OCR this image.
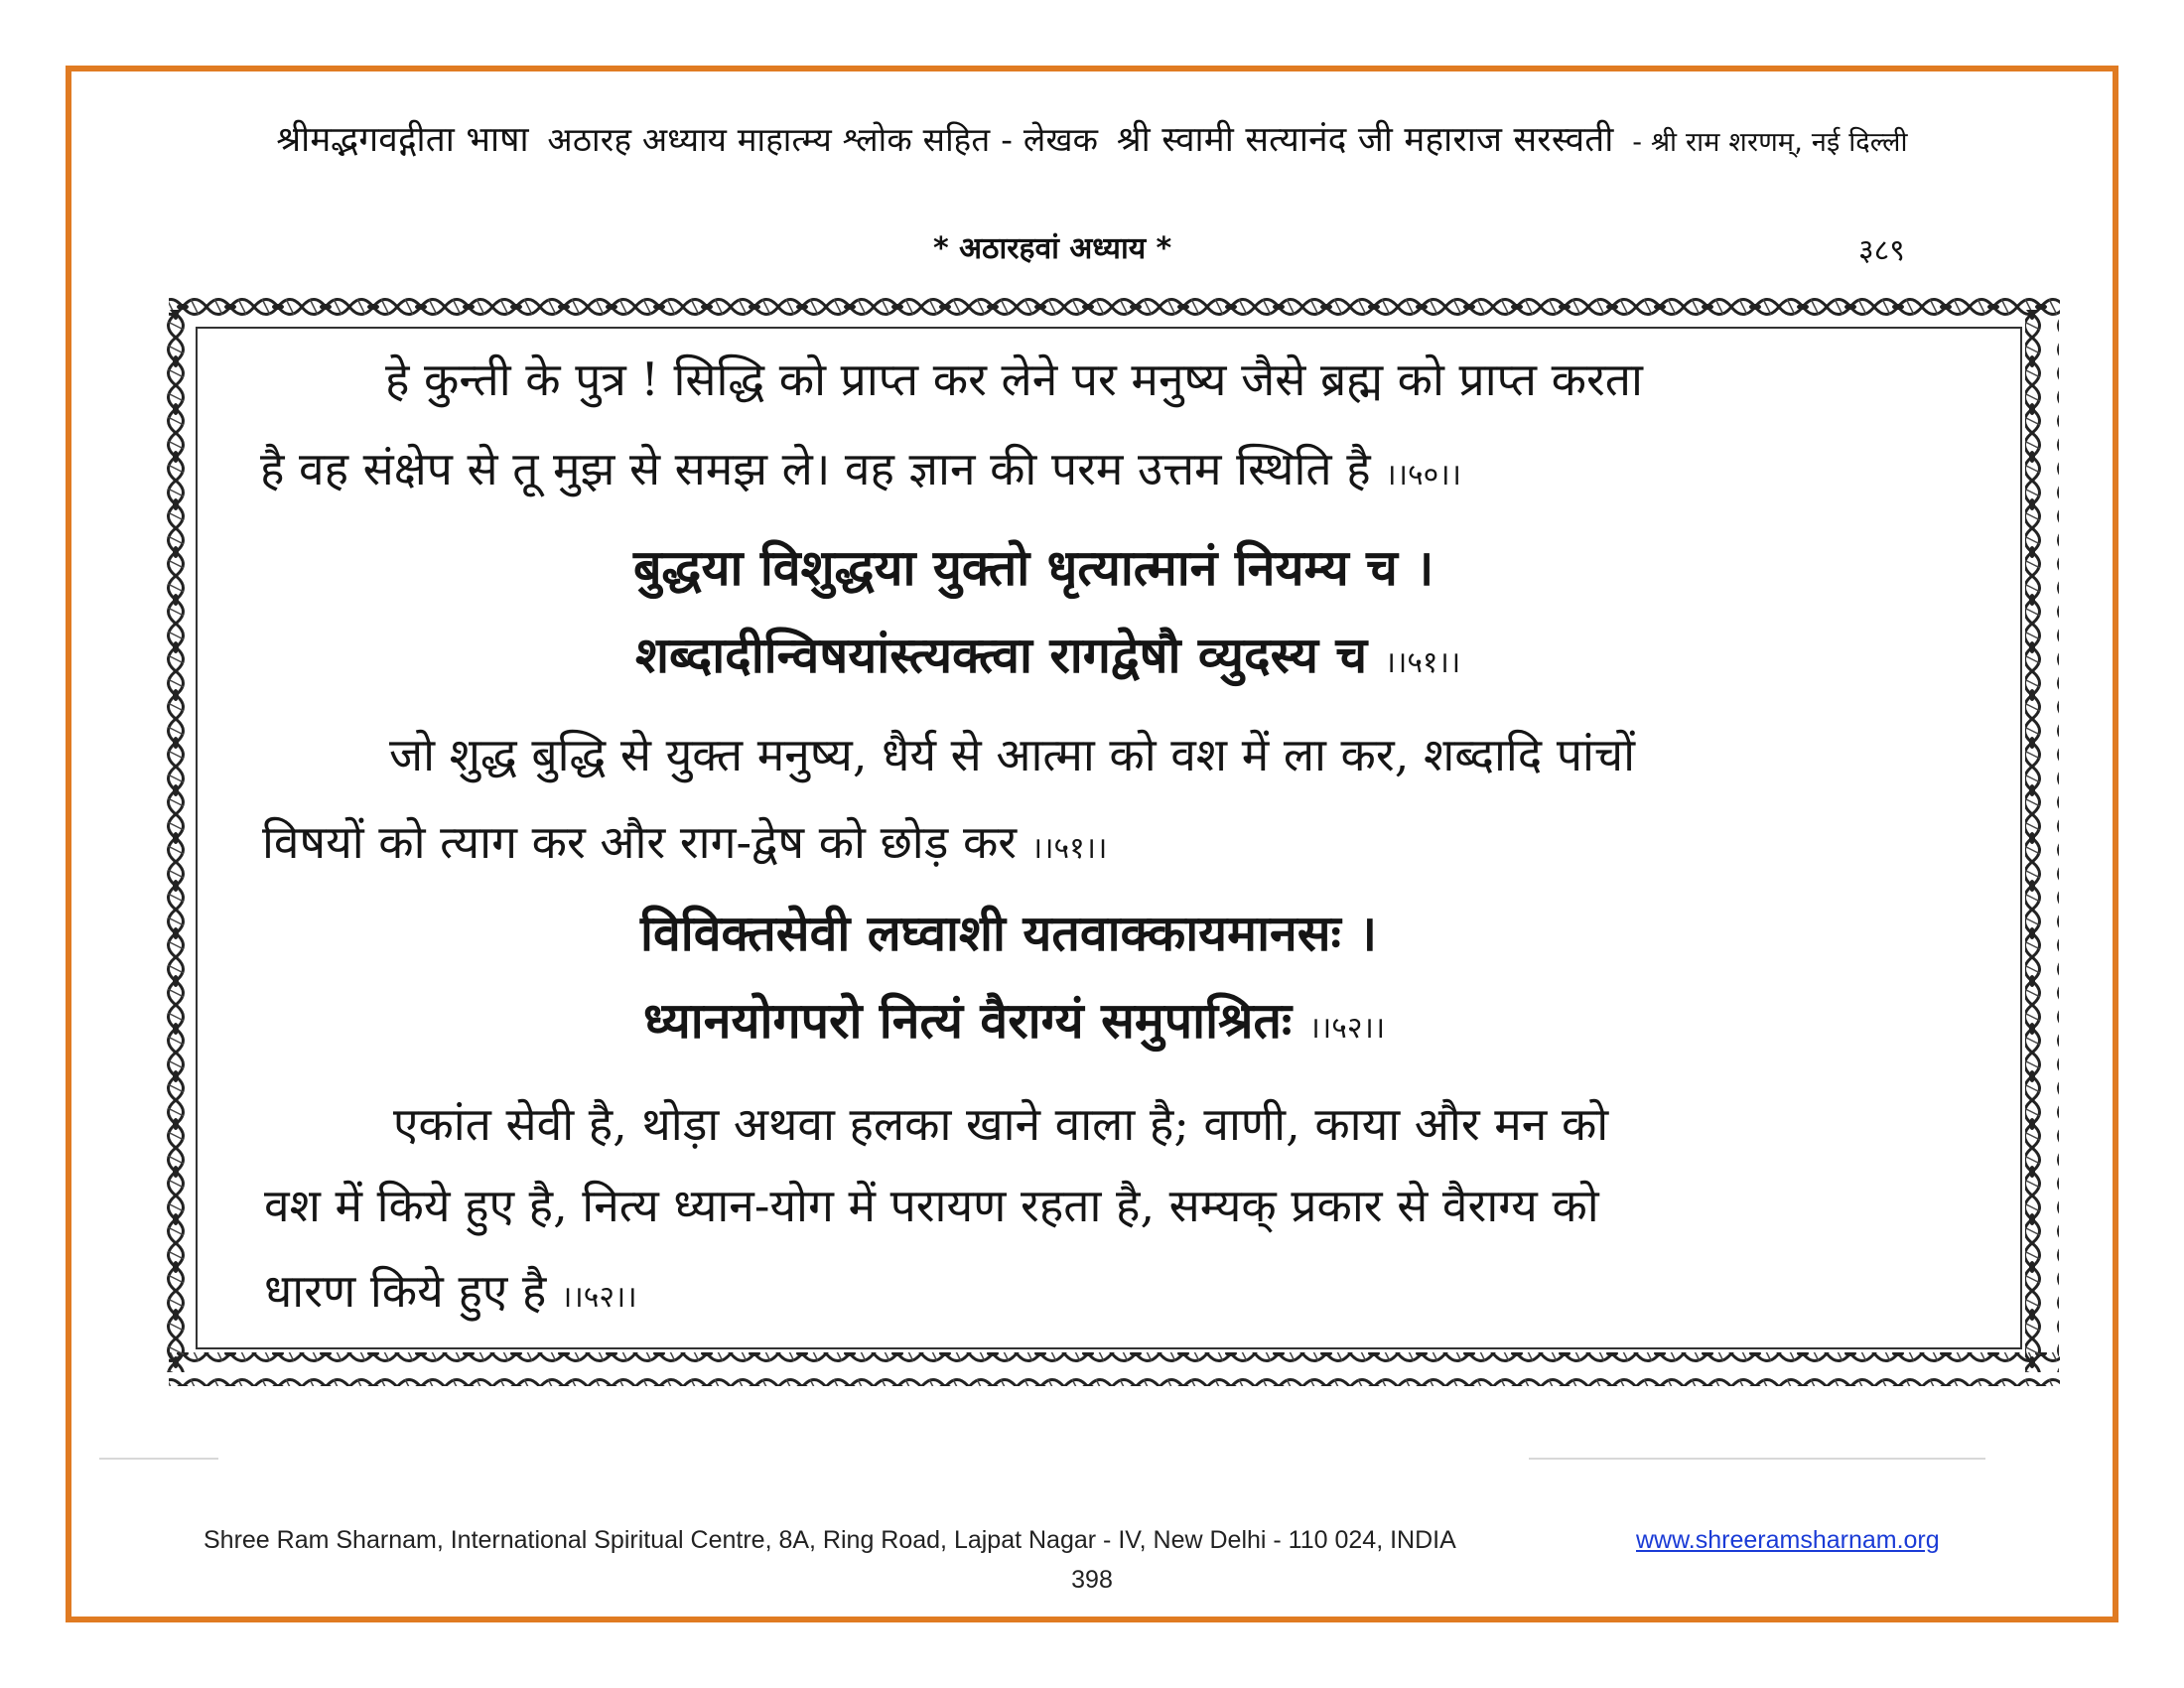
श्रीमद्भगवद्गीता भाषा अठारह अध्याय माहात्म्य श्लोक सहित - लेखक श्री स्वामी सत्यानंद जी महाराज सरस्वती - श्री राम शरणम्, नई दिल्ली
* अठारहवां अध्याय *	३८९
हे कुन्ती के पुत्र ! सिद्धि को प्राप्त कर लेने पर मनुष्य जैसे ब्रह्म को प्राप्त करता
है वह संक्षेप से तू मुझ से समझ ले। वह ज्ञान की परम उत्तम स्थिति है ।।५०।।
बुद्धया विशुद्धया युक्तो धृत्यात्मानं नियम्य च ।
शब्दादीन्विषयांस्त्यक्त्वा रागद्वेषौ व्युदस्य च ।।५१।।
जो शुद्ध बुद्धि से युक्त मनुष्य, धैर्य से आत्मा को वश में ला कर, शब्दादि पांचों
विषयों को त्याग कर और राग-द्वेष को छोड़ कर ।।५१।।
विविक्तसेवी लघ्वाशी यतवाक्कायमानसः ।
ध्यानयोगपरो नित्यं वैराग्यं समुपाश्रितः ।।५२।।
एकांत सेवी है, थोड़ा अथवा हलका खाने वाला है; वाणी, काया और मन को
वश में किये हुए है, नित्य ध्यान-योग में परायण रहता है, सम्यक् प्रकार से वैराग्य को
धारण किये हुए है ।।५२।।
Shree Ram Sharnam, International Spiritual Centre, 8A, Ring Road, Lajpat Nagar - IV, New Delhi - 110 024, INDIA	www.shreeramsharnam.org
398
